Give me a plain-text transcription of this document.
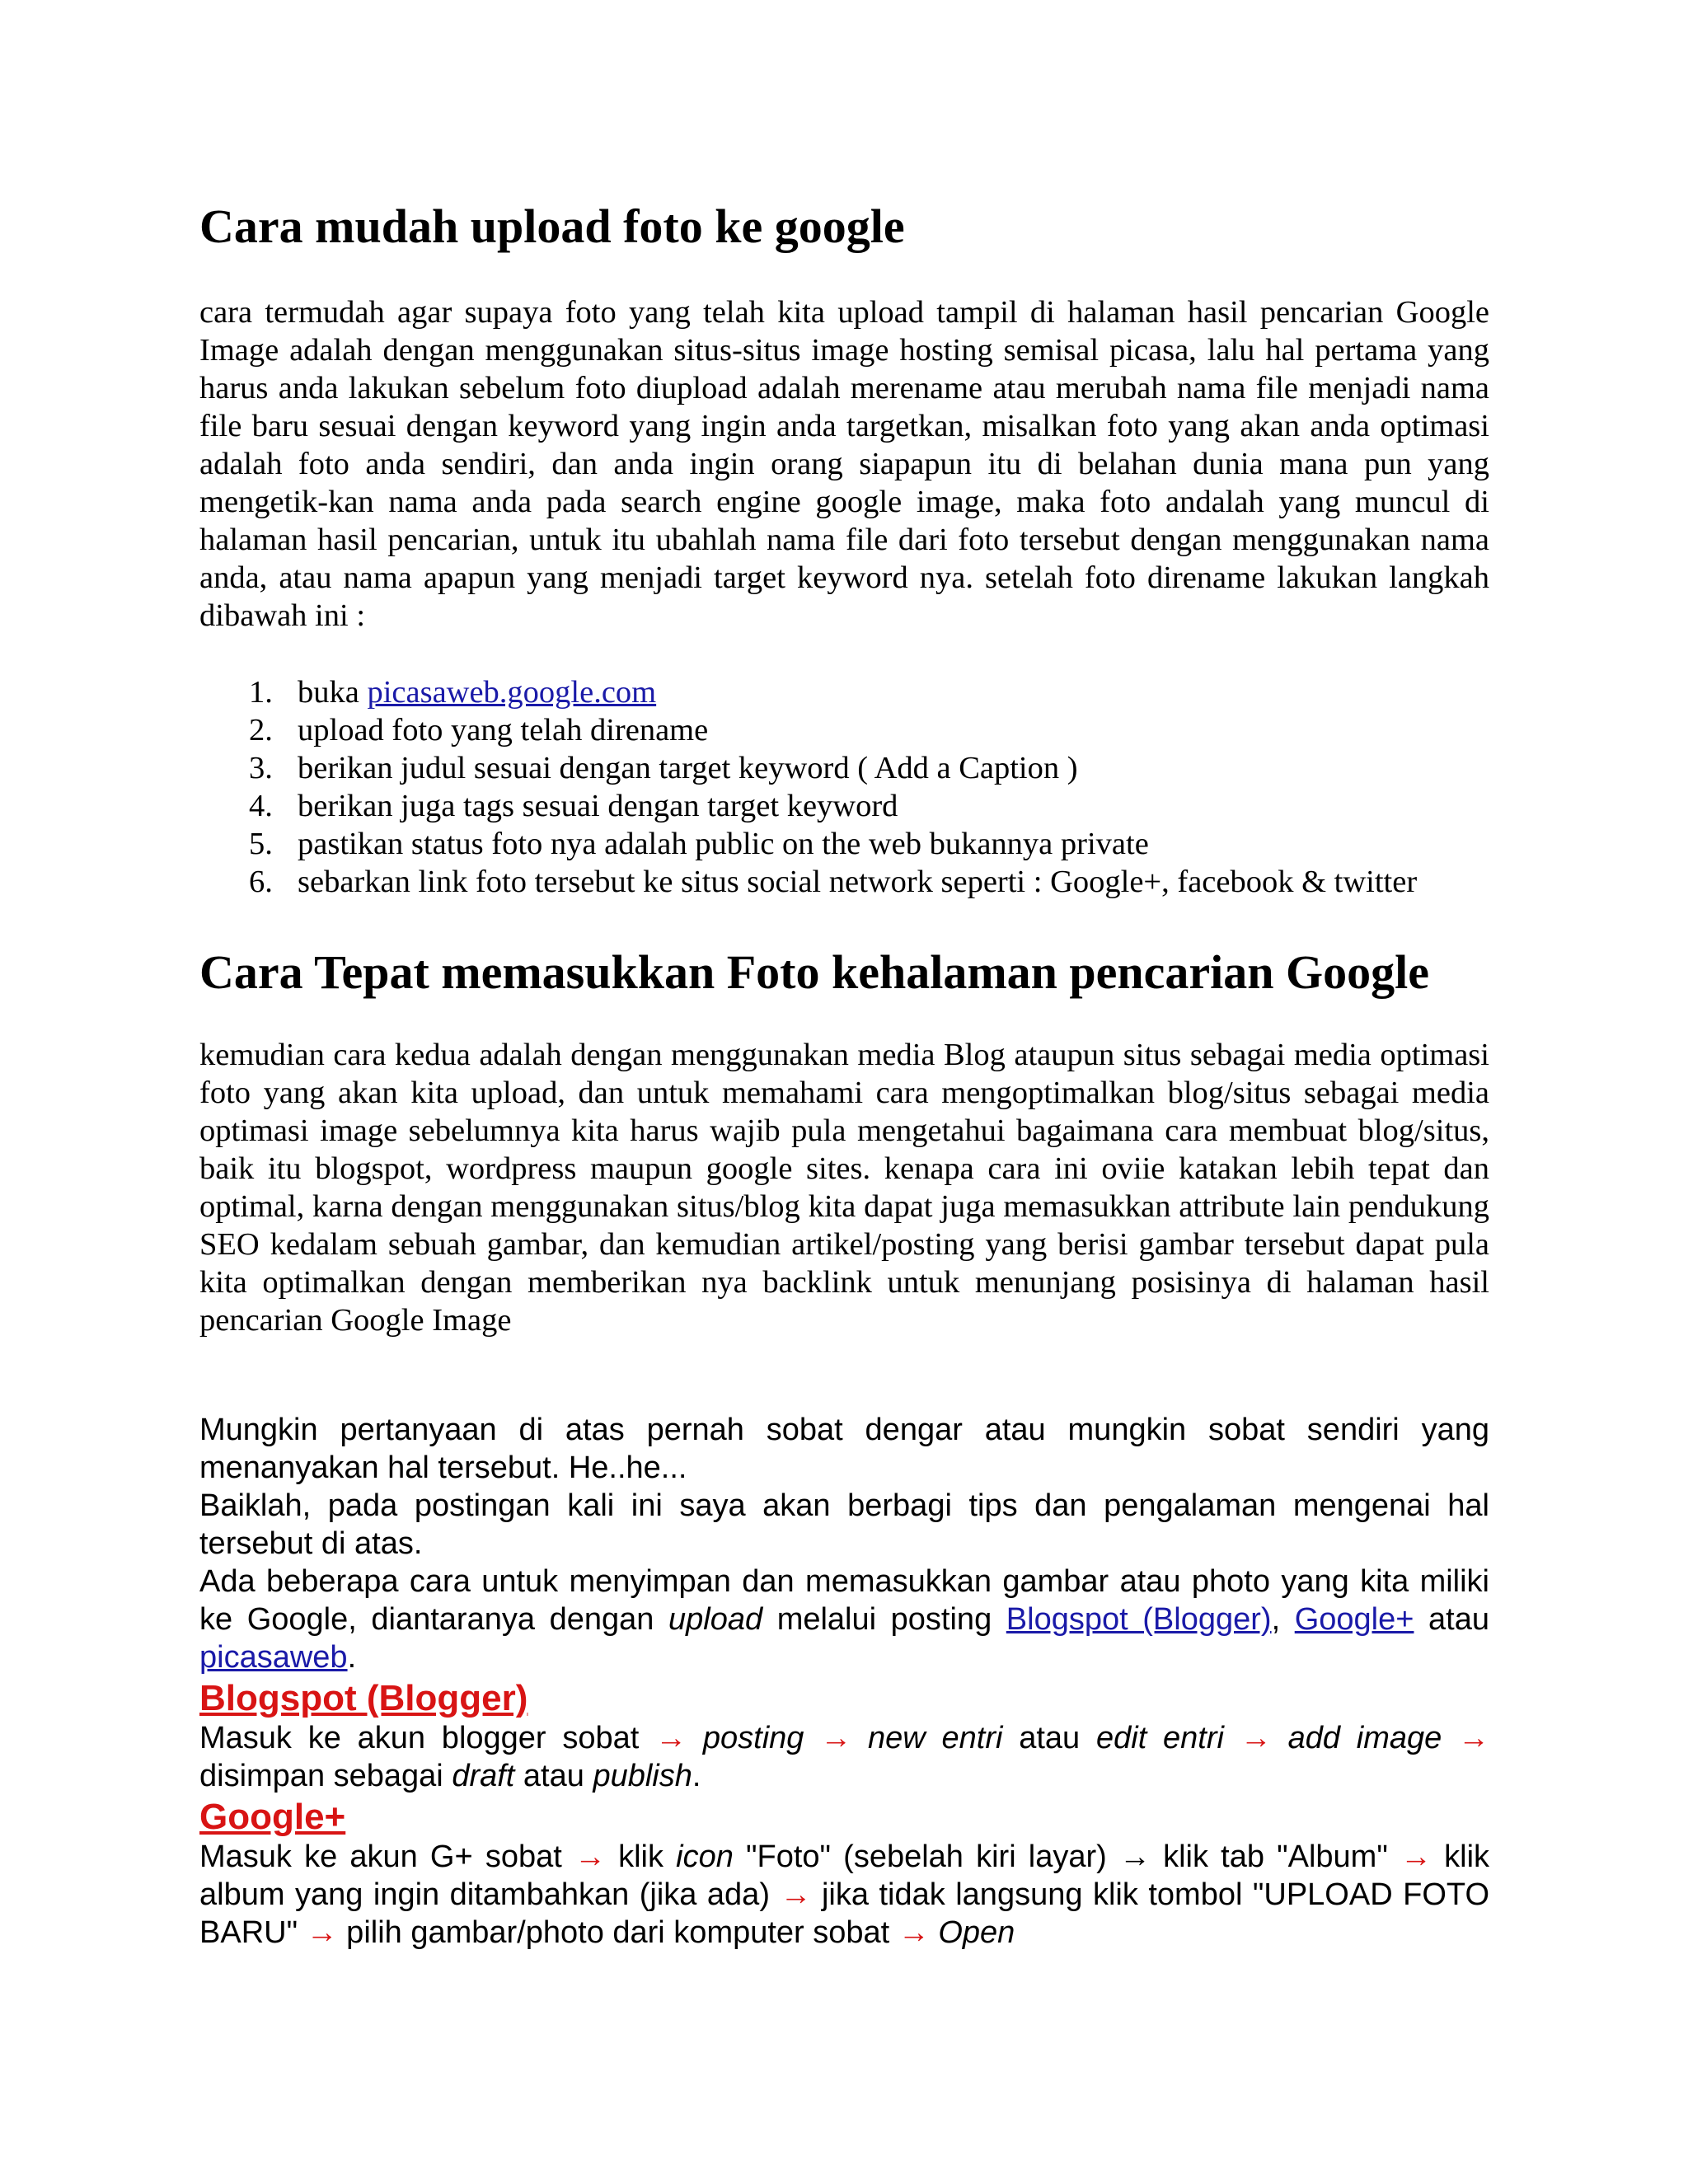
Cara mudah upload foto ke google

cara termudah agar supaya foto yang telah kita upload tampil di halaman hasil pencarian Google Image adalah dengan menggunakan situs-situs image hosting semisal picasa, lalu hal pertama yang harus anda lakukan sebelum foto diupload adalah merename atau merubah nama file menjadi nama file baru sesuai dengan keyword yang ingin anda targetkan, misalkan foto yang akan anda optimasi adalah foto anda sendiri, dan anda ingin orang siapapun itu di belahan dunia mana pun yang mengetik-kan nama anda pada search engine google image, maka foto andalah yang muncul di halaman hasil pencarian, untuk itu ubahlah nama file dari foto tersebut dengan menggunakan nama anda, atau nama apapun yang menjadi target keyword nya. setelah foto direname lakukan langkah dibawah ini :

1. buka picasaweb.google.com
2. upload foto yang telah direname
3. berikan judul sesuai dengan target keyword ( Add a Caption )
4. berikan juga tags sesuai dengan target keyword
5. pastikan status foto nya adalah public on the web bukannya private
6. sebarkan link foto tersebut ke situs social network seperti : Google+, facebook & twitter
Cara Tepat memasukkan Foto kehalaman pencarian Google

kemudian cara kedua adalah dengan menggunakan media Blog ataupun situs sebagai media optimasi foto yang akan kita upload, dan untuk memahami cara mengoptimalkan blog/situs sebagai media optimasi image sebelumnya kita harus wajib pula mengetahui bagaimana cara membuat blog/situs, baik itu blogspot, wordpress maupun google sites. kenapa cara ini oviie katakan lebih tepat dan optimal, karna dengan menggunakan situs/blog kita dapat juga memasukkan attribute lain pendukung SEO kedalam sebuah gambar, dan kemudian artikel/posting yang berisi gambar tersebut dapat pula kita optimalkan dengan memberikan nya backlink untuk menunjang posisinya di halaman hasil pencarian Google Image

Mungkin pertanyaan di atas pernah sobat dengar atau mungkin sobat sendiri yang menanyakan hal tersebut. He..he...

Baiklah, pada postingan kali ini saya akan berbagi tips dan pengalaman mengenai hal tersebut di atas.

Ada beberapa cara untuk menyimpan dan memasukkan gambar atau photo yang kita miliki ke Google, diantaranya dengan upload melalui posting Blogspot (Blogger), Google+ atau picasaweb.

Blogspot (Blogger)

Masuk ke akun blogger sobat → posting → new entri atau edit entri → add image → disimpan sebagai draft atau publish.

Google+

Masuk ke akun G+ sobat → klik icon "Foto" (sebelah kiri layar) → klik tab "Album" → klik album yang ingin ditambahkan (jika ada) → jika tidak langsung klik tombol "UPLOAD FOTO BARU" → pilih gambar/photo dari komputer sobat → Open
